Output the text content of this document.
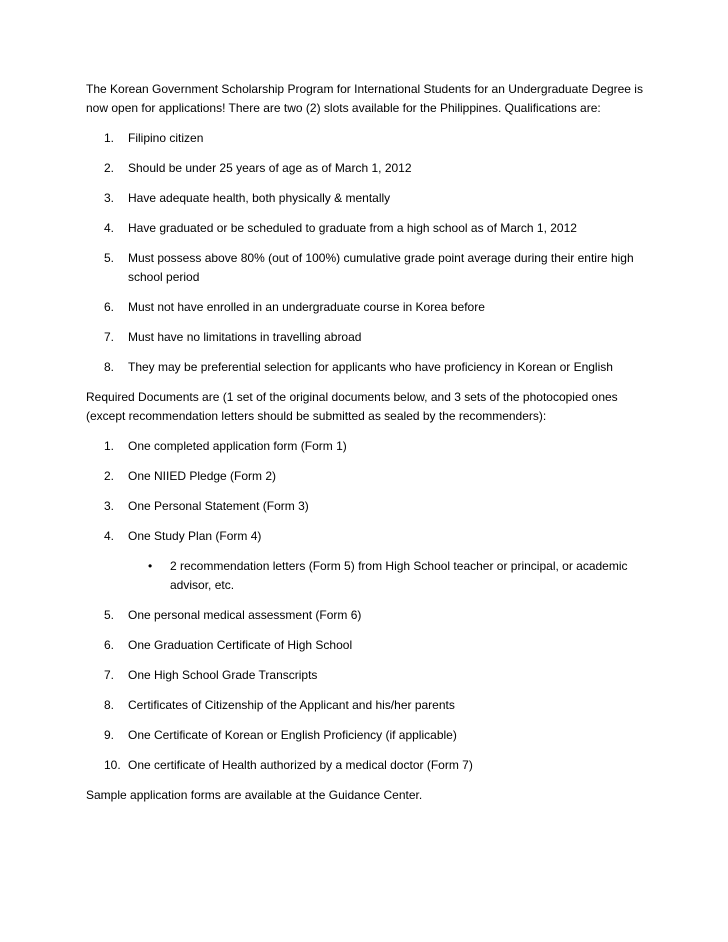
The Korean Government Scholarship Program for International Students for an Undergraduate Degree is now open for applications! There are two (2) slots available for the Philippines. Qualifications are:

1. Filipino citizen
2. Should be under 25 years of age as of March 1, 2012
3. Have adequate health, both physically & mentally
4. Have graduated or be scheduled to graduate from a high school as of March 1, 2012
5. Must possess above 80% (out of 100%) cumulative grade point average during their entire high school period
6. Must not have enrolled in an undergraduate course in Korea before
7. Must have no limitations in travelling abroad
8. They may be preferential selection for applicants who have proficiency in Korean or English

Required Documents are (1 set of the original documents below, and 3 sets of the photocopied ones (except recommendation letters should be submitted as sealed by the recommenders):

1. One completed application form (Form 1)
2. One NIIED Pledge (Form 2)
3. One Personal Statement (Form 3)
4. One Study Plan (Form 4)
• 2 recommendation letters (Form 5) from High School teacher or principal, or academic advisor, etc.
5. One personal medical assessment (Form 6)
6. One Graduation Certificate of High School
7. One High School Grade Transcripts
8. Certificates of Citizenship of the Applicant and his/her parents
9. One Certificate of Korean or English Proficiency (if applicable)
10. One certificate of Health authorized by a medical doctor (Form 7)

Sample application forms are available at the Guidance Center.
